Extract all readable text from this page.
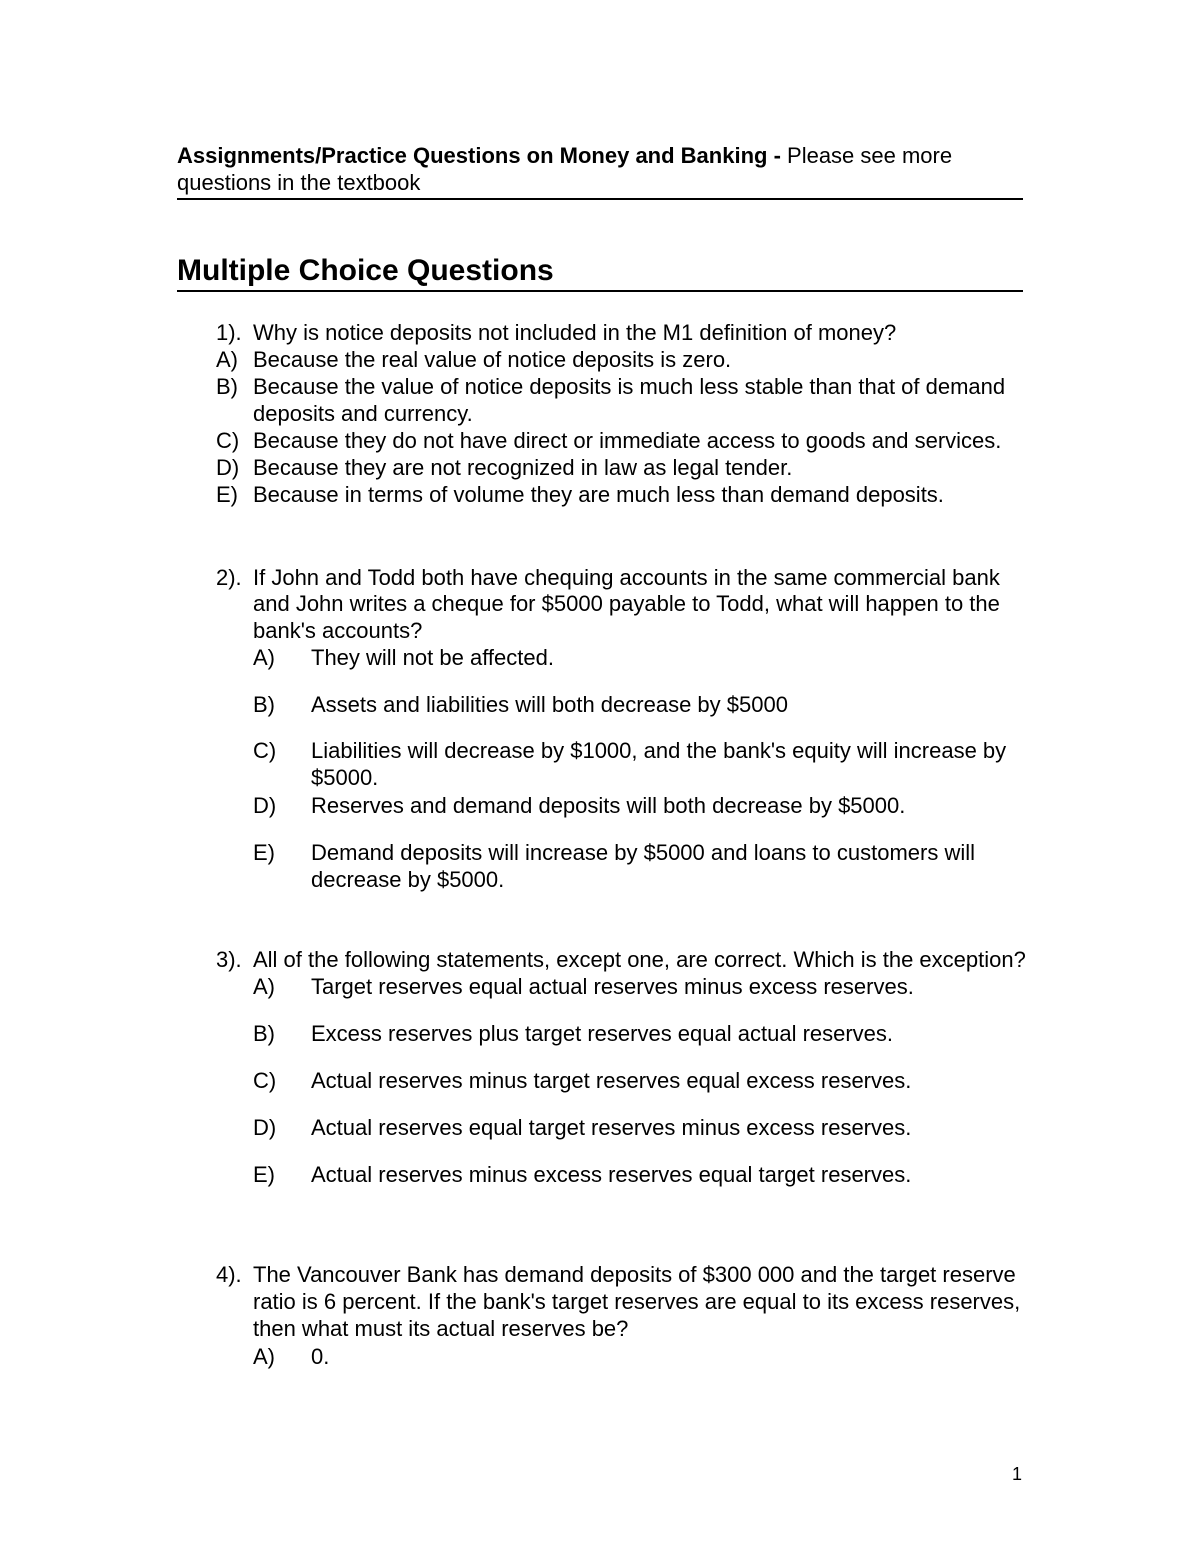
Assignments/Practice Questions on Money and Banking - Please see more
questions in the textbook
Multiple Choice Questions
1). Why is notice deposits not included in the M1 definition of money?
A) Because the real value of notice deposits is zero.
B) Because the value of notice deposits is much less stable than that of demand
deposits and currency.
C) Because they do not have direct or immediate access to goods and services.
D) Because they are not recognized in law as legal tender.
E) Because in terms of volume they are much less than demand deposits.
2). If John and Todd both have chequing accounts in the same commercial bank
and John writes a cheque for $5000 payable to Todd, what will happen to the
bank's accounts?
A) They will not be affected.
B) Assets and liabilities will both decrease by $5000
C) Liabilities will decrease by $1000, and the bank's equity will increase by
$5000.
D) Reserves and demand deposits will both decrease by $5000.
E) Demand deposits will increase by $5000 and loans to customers will
decrease by $5000.
3). All of the following statements, except one, are correct. Which is the exception?
A) Target reserves equal actual reserves minus excess reserves.
B) Excess reserves plus target reserves equal actual reserves.
C) Actual reserves minus target reserves equal excess reserves.
D) Actual reserves equal target reserves minus excess reserves.
E) Actual reserves minus excess reserves equal target reserves.
4). The Vancouver Bank has demand deposits of $300 000 and the target reserve
ratio is 6 percent. If the bank's target reserves are equal to its excess reserves,
then what must its actual reserves be?
A) 0.
1
